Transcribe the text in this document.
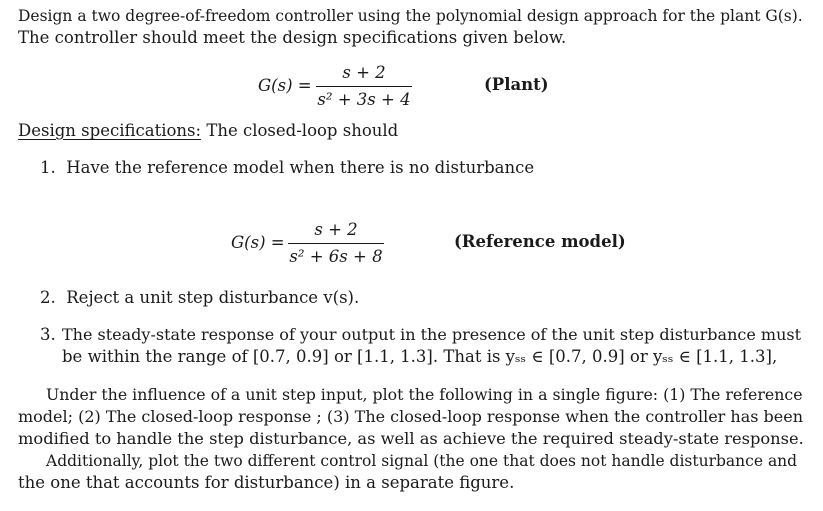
Design a two degree-of-freedom controller using the polynomial design approach for the plant G(s).
The controller should meet the design specifications given below.
G(s) =
s + 2
s² + 3s + 4
(Plant)
Design specifications: The closed-loop should
1. Have the reference model when there is no disturbance
G(s) =
s + 2
s² + 6s + 8
(Reference model)
2. Reject a unit step disturbance v(s).
3. The steady-state response of your output in the presence of the unit step disturbance must
be within the range of [0.7, 0.9] or [1.1, 1.3]. That is yₛₛ ∈ [0.7, 0.9] or yₛₛ ∈ [1.1, 1.3],
Under the influence of a unit step input, plot the following in a single figure: (1) The reference
model; (2) The closed-loop response ; (3) The closed-loop response when the controller has been
modified to handle the step disturbance, as well as achieve the required steady-state response.
Additionally, plot the two different control signal (the one that does not handle disturbance and
the one that accounts for disturbance) in a separate figure.
